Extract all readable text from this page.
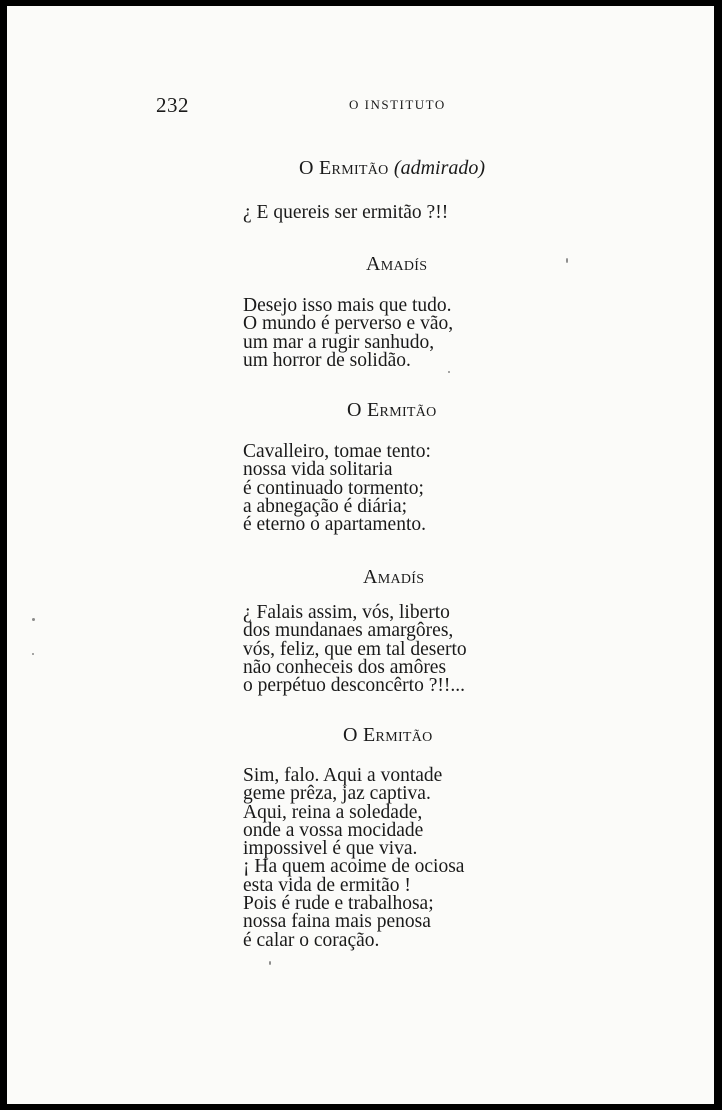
232	O INSTITUTO
O Ermitão (admirado)
¿ E quereis ser ermitão ?!!
Amadís
Desejo isso mais que tudo.
O mundo é perverso e vão,
um mar a rugir sanhudo,
um horror de solidão.
O Ermitão
Cavalleiro, tomae tento:
nossa vida solitaria
é continuado tormento;
a abnegação é diária;
é eterno o apartamento.
Amadís
¿ Falais assim, vós, liberto
dos mundanaes amargôres,
vós, feliz, que em tal deserto
não conheceis dos amôres
o perpétuo desconcêrto ?!!...
O Ermitão
Sim, falo. Aqui a vontade
geme prêza, jaz captiva.
Aqui, reina a soledade,
onde a vossa mocidade
impossivel é que viva.
¡ Ha quem acoime de ociosa
esta vida de ermitão !
Pois é rude e trabalhosa;
nossa faina mais penosa
é calar o coração.
